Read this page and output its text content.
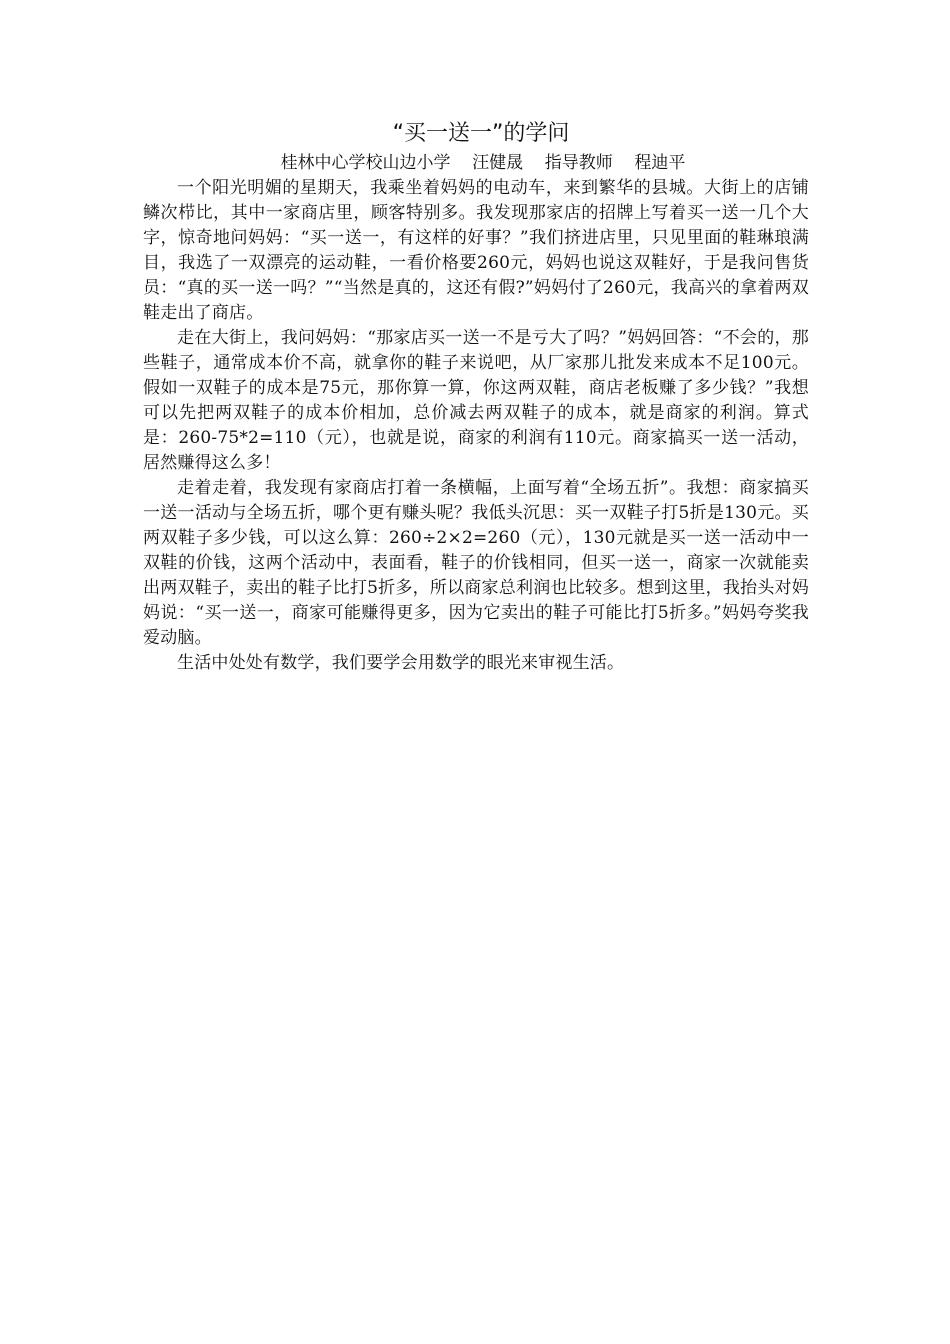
“买一送一”的学问

桂林中心学校山边小学    汪健晟    指导教师    程迪平

一个阳光明媚的星期天，我乘坐着妈妈的电动车，来到繁华的县城。大街上的店铺鳞次栉比，其中一家商店里，顾客特别多。我发现那家店的招牌上写着买一送一几个大字，惊奇地问妈妈：“买一送一，有这样的好事？”我们挤进店里，只见里面的鞋琳琅满目，我选了一双漂亮的运动鞋，一看价格要260元，妈妈也说这双鞋好，于是我问售货员：“真的买一送一吗？”“当然是真的，这还有假?”妈妈付了260元，我高兴的拿着两双鞋走出了商店。

走在大街上，我问妈妈：“那家店买一送一不是亏大了吗？”妈妈回答：“不会的，那些鞋子，通常成本价不高，就拿你的鞋子来说吧，从厂家那儿批发来成本不足100元。假如一双鞋子的成本是75元，那你算一算，你这两双鞋，商店老板赚了多少钱？”我想可以先把两双鞋子的成本价相加，总价减去两双鞋子的成本，就是商家的利润。算式是：260-75*2=110（元），也就是说，商家的利润有110元。商家搞买一送一活动，居然赚得这么多！

走着走着，我发现有家商店打着一条横幅，上面写着“全场五折”。我想：商家搞买一送一活动与全场五折，哪个更有赚头呢？我低头沉思：买一双鞋子打5折是130元。买两双鞋子多少钱，可以这么算：260÷2×2=260（元），130元就是买一送一活动中一双鞋的价钱，这两个活动中，表面看，鞋子的价钱相同，但买一送一，商家一次就能卖出两双鞋子，卖出的鞋子比打5折多，所以商家总利润也比较多。想到这里，我抬头对妈妈说：“买一送一，商家可能赚得更多，因为它卖出的鞋子可能比打5折多。”妈妈夸奖我爱动脑。

生活中处处有数学，我们要学会用数学的眼光来审视生活。
